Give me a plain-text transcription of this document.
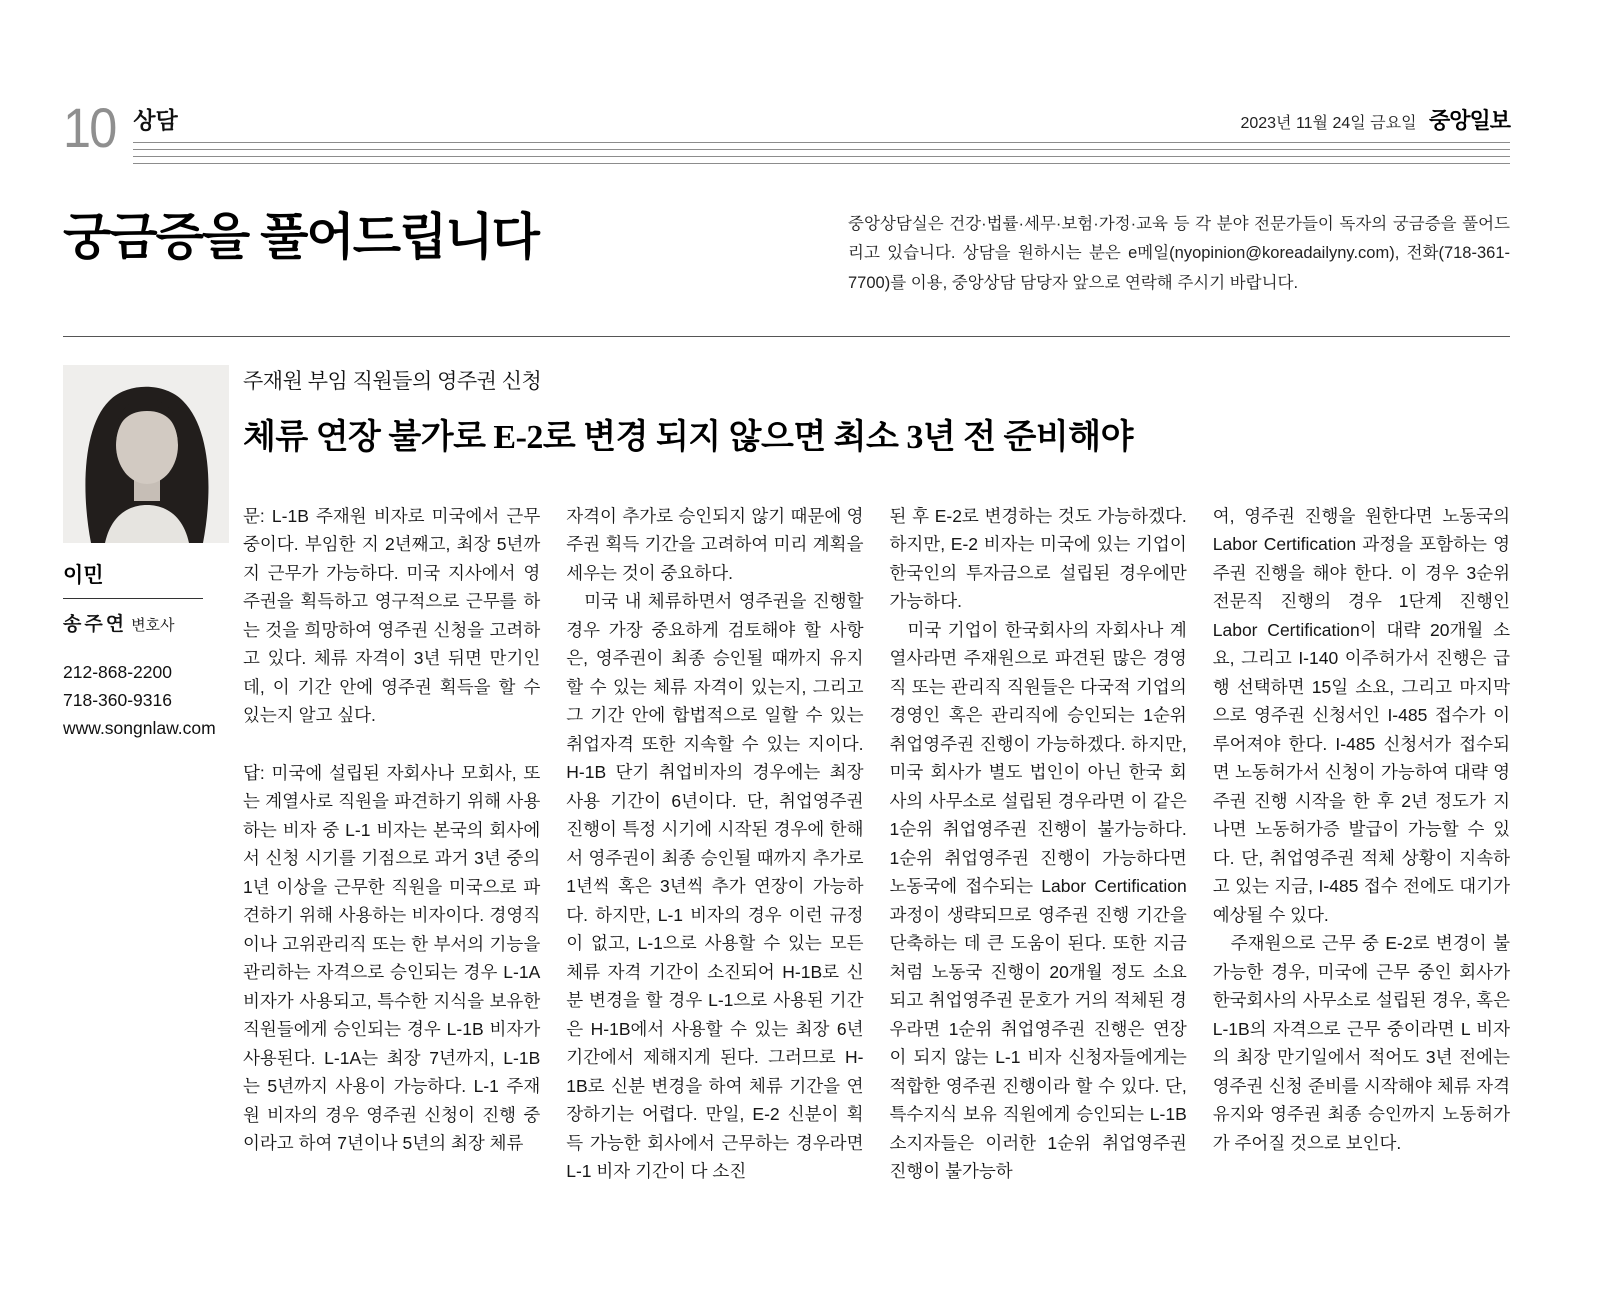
10 상담	2023년 11월 24일 금요일 중앙일보
궁금증을 풀어드립니다	중앙상담실은 건강·법률·세무·보험·가정·교육 등 각 분야 전문가들이 독자의 궁금증을 풀어드리고 있습니다. 상담을 원하시는 분은 e메일(nyopinion@koreadailyny.com), 전화(718-361-7700)를 이용, 중앙상담 담당자 앞으로 연락해 주시기 바랍니다.

이민
송주연 변호사
212-868-2200
718-360-9316
www.songnlaw.com
주재원 부임 직원들의 영주권 신청
체류 연장 불가로 E-2로 변경 되지 않으면 최소 3년 전 준비해야

문: L-1B 주재원 비자로 미국에서 근무 중이다. 부임한 지 2년째고, 최장 5년까지 근무가 가능하다. 미국 지사에서 영주권을 획득하고 영구적으로 근무를 하는 것을 희망하여 영주권 신청을 고려하고 있다. 체류 자격이 3년 뒤면 만기인데, 이 기간 안에 영주권 획득을 할 수 있는지 알고 싶다.

답: 미국에 설립된 자회사나 모회사, 또는 계열사로 직원을 파견하기 위해 사용하는 비자 중 L-1 비자는 본국의 회사에서 신청 시기를 기점으로 과거 3년 중의 1년 이상을 근무한 직원을 미국으로 파견하기 위해 사용하는 비자이다. 경영직이나 고위관리직 또는 한 부서의 기능을 관리하는 자격으로 승인되는 경우 L-1A 비자가 사용되고, 특수한 지식을 보유한 직원들에게 승인되는 경우 L-1B 비자가 사용된다. L-1A는 최장 7년까지, L-1B는 5년까지 사용이 가능하다. L-1 주재원 비자의 경우 영주권 신청이 진행 중이라고 하여 7년이나 5년의 최장 체류

자격이 추가로 승인되지 않기 때문에 영주권 획득 기간을 고려하여 미리 계획을 세우는 것이 중요하다.

미국 내 체류하면서 영주권을 진행할 경우 가장 중요하게 검토해야 할 사항은, 영주권이 최종 승인될 때까지 유지할 수 있는 체류 자격이 있는지, 그리고 그 기간 안에 합법적으로 일할 수 있는 취업자격 또한 지속할 수 있는 지이다. H-1B 단기 취업비자의 경우에는 최장 사용 기간이 6년이다. 단, 취업영주권 진행이 특정 시기에 시작된 경우에 한해서 영주권이 최종 승인될 때까지 추가로 1년씩 혹은 3년씩 추가 연장이 가능하다. 하지만, L-1 비자의 경우 이런 규정이 없고, L-1으로 사용할 수 있는 모든 체류 자격 기간이 소진되어 H-1B로 신분 변경을 할 경우 L-1으로 사용된 기간은 H-1B에서 사용할 수 있는 최장 6년 기간에서 제해지게 된다. 그러므로 H-1B로 신분 변경을 하여 체류 기간을 연장하기는 어렵다. 만일, E-2 신분이 획득 가능한 회사에서 근무하는 경우라면 L-1 비자 기간이 다 소진

된 후 E-2로 변경하는 것도 가능하겠다. 하지만, E-2 비자는 미국에 있는 기업이 한국인의 투자금으로 설립된 경우에만 가능하다.

미국 기업이 한국회사의 자회사나 계열사라면 주재원으로 파견된 많은 경영직 또는 관리직 직원들은 다국적 기업의 경영인 혹은 관리직에 승인되는 1순위 취업영주권 진행이 가능하겠다. 하지만, 미국 회사가 별도 법인이 아닌 한국 회사의 사무소로 설립된 경우라면 이 같은 1순위 취업영주권 진행이 불가능하다. 1순위 취업영주권 진행이 가능하다면 노동국에 접수되는 Labor Certification 과정이 생략되므로 영주권 진행 기간을 단축하는 데 큰 도움이 된다. 또한 지금처럼 노동국 진행이 20개월 정도 소요되고 취업영주권 문호가 거의 적체된 경우라면 1순위 취업영주권 진행은 연장이 되지 않는 L-1 비자 신청자들에게는 적합한 영주권 진행이라 할 수 있다. 단, 특수지식 보유 직원에게 승인되는 L-1B 소지자들은 이러한 1순위 취업영주권 진행이 불가능하

여, 영주권 진행을 원한다면 노동국의 Labor Certification 과정을 포함하는 영주권 진행을 해야 한다. 이 경우 3순위 전문직 진행의 경우 1단계 진행인 Labor Certification이 대략 20개월 소요, 그리고 I-140 이주허가서 진행은 급행 선택하면 15일 소요, 그리고 마지막으로 영주권 신청서인 I-485 접수가 이루어져야 한다. I-485 신청서가 접수되면 노동허가서 신청이 가능하여 대략 영주권 진행 시작을 한 후 2년 정도가 지나면 노동허가증 발급이 가능할 수 있다. 단, 취업영주권 적체 상황이 지속하고 있는 지금, I-485 접수 전에도 대기가 예상될 수 있다.

주재원으로 근무 중 E-2로 변경이 불가능한 경우, 미국에 근무 중인 회사가 한국회사의 사무소로 설립된 경우, 혹은 L-1B의 자격으로 근무 중이라면 L 비자의 최장 만기일에서 적어도 3년 전에는 영주권 신청 준비를 시작해야 체류 자격 유지와 영주권 최종 승인까지 노동허가가 주어질 것으로 보인다.
